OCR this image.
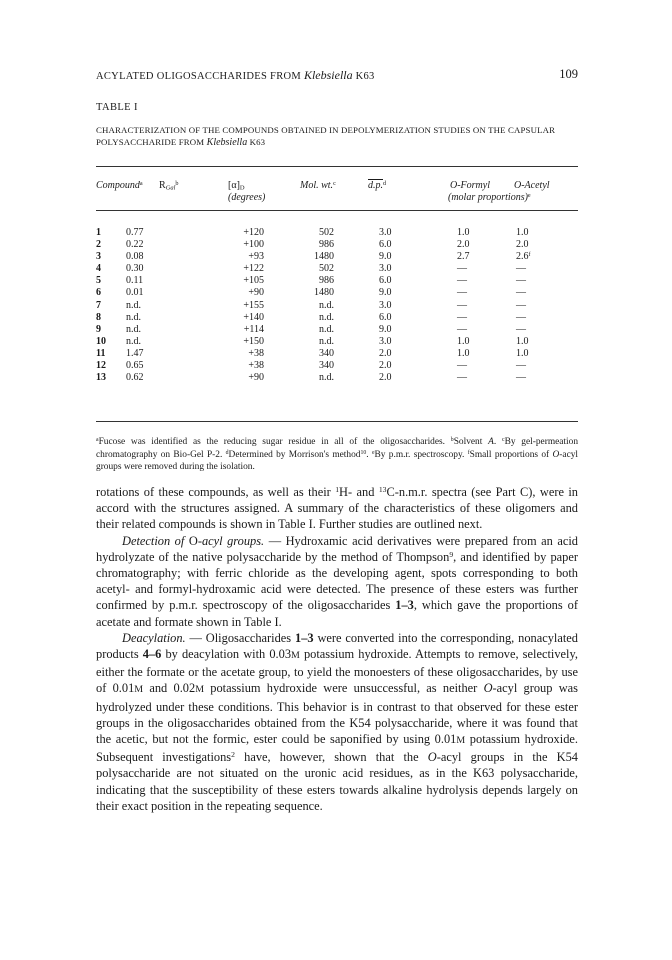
ACYLATED OLIGOSACCHARIDES FROM Klebsiella K63	109
TABLE I
CHARACTERIZATION OF THE COMPOUNDS OBTAINED IN DEPOLYMERIZATION STUDIES ON THE CAPSULAR POLYSACCHARIDE FROM Klebsiella K63
Compound$^a$ $R_{Gal}^b$	$[\alpha]_D$
(degrees)
Mol. wt.$^c$	d.p.$^d$	O-Formyl O-Acetyl
(molar proportions)$^e$
1	0.77	+120	502	3.0	1.0	1.0
2	0.22	+100	986	6.0	2.0	2.0
3	0.08	+93	1480	9.0	2.7	2.6$^f$
4	0.30	+122	502	3.0	—	—
5	0.11	+105	986	6.0	—	—
6	0.01	+90	1480	9.0	—	—
7	n.d.	+155	n.d.	3.0	—	—
8	n.d.	+140	n.d.	6.0	—	—
9	n.d.	+114	n.d.	9.0	—	—
10 n.d.	+150	n.d.	3.0	1.0	1.0
11 1.47	+38	340	2.0	1.0	1.0
12 0.65	+38	340	2.0	—	—
13 0.62	+90	n.d.	2.0	—	—
$^a$Fucose was identified as the reducing sugar residue in all of the oligosaccharides. $^b$Solvent A. $^c$By gel-permeation chromatography on Bio-Gel P-2. $^d$Determined by Morrison's method$^{10}$. $^e$By p.m.r. spectroscopy. $^f$Small proportions of O-acyl groups were removed during the isolation.

rotations of these compounds, as well as their $^1$H- and $^{13}$C-n.m.r. spectra (see Part C), were in accord with the structures assigned. A summary of the characteristics of these oligomers and their related compounds is shown in Table I. Further studies are outlined next.

Detection of O-acyl groups. — Hydroxamic acid derivatives were prepared from an acid hydrolyzate of the native polysaccharide by the method of Thompson$^9$, and identified by paper chromatography; with ferric chloride as the developing agent, spots corresponding to both acetyl- and formyl-hydroxamic acid were detected. The presence of these esters was further confirmed by p.m.r. spectroscopy of the oligosaccharides 1–3, which gave the proportions of acetate and formate shown in Table I.

Deacylation. — Oligosaccharides 1–3 were converted into the corresponding, nonacylated products 4–6 by deacylation with 0.03M potassium hydroxide. Attempts to remove, selectively, either the formate or the acetate group, to yield the monoesters of these oligosaccharides, by use of 0.01M and 0.02M potassium hydroxide were unsuccessful, as neither O-acyl group was hydrolyzed under these conditions. This behavior is in contrast to that observed for these ester groups in the oligosaccharides obtained from the K54 polysaccharide, where it was found that the acetic, but not the formic, ester could be saponified by using 0.01M potassium hydroxide. Subsequent investigations$^2$ have, however, shown that the O-acyl groups in the K54 polysaccharide are not situated on the uronic acid residues, as in the K63 polysaccharide, indicating that the susceptibility of these esters towards alkaline hydrolysis depends largely on their exact position in the repeating sequence.
